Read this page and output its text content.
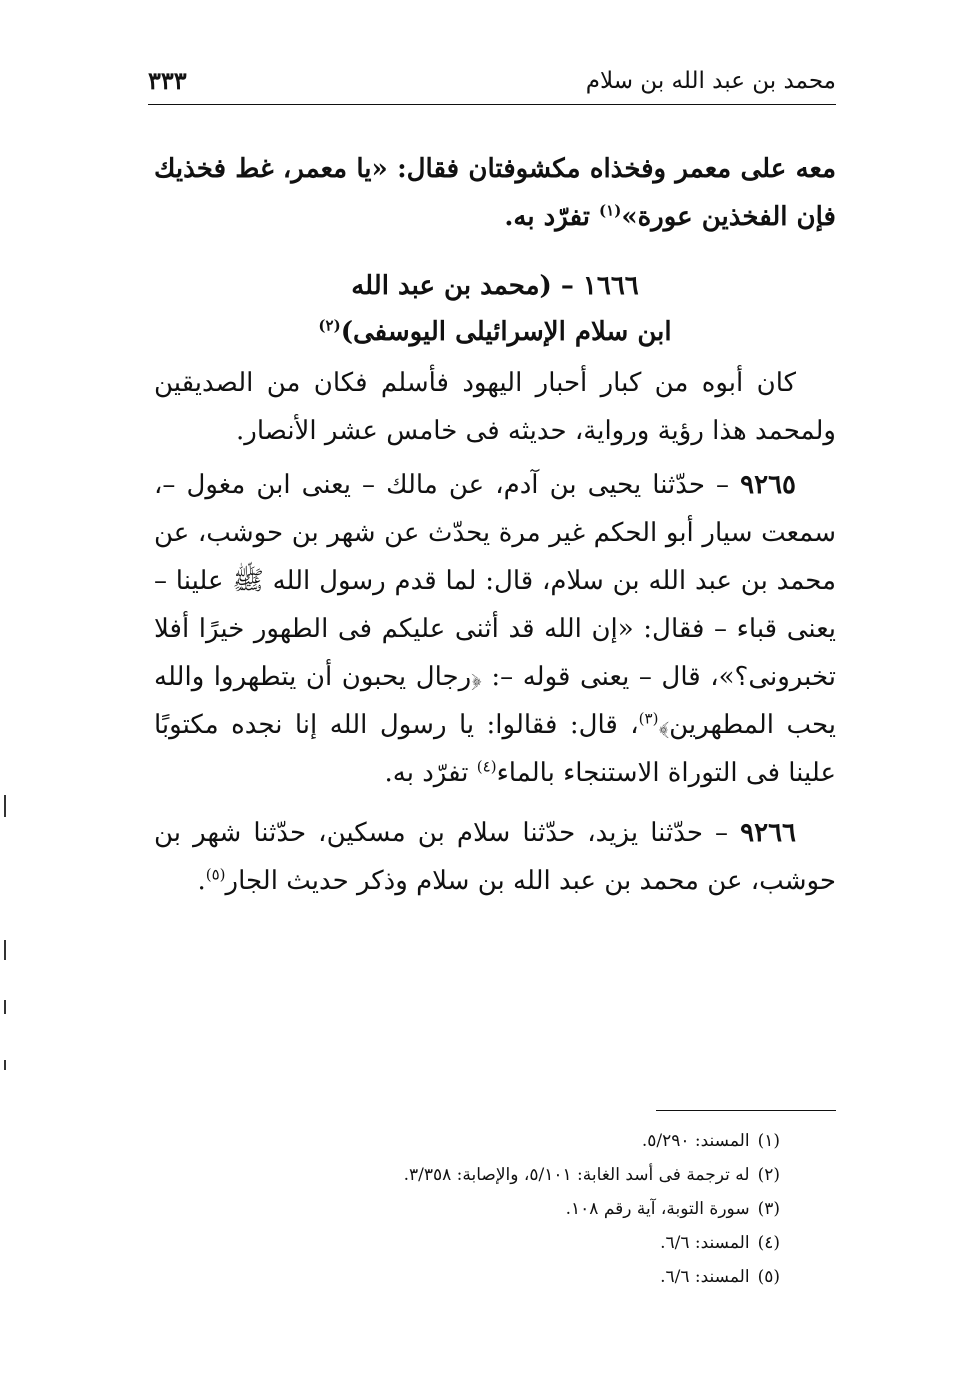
محمد بن عبد الله بن سلام
٣٣٣

معه على معمر وفخذاه مكشوفتان فقال: «يا معمر، غط فخذيك فإن الفخذين عورة»$^{(١)}$ تفرّد به.

١٦٦٦ – (محمد بن عبد الله
ابن سلام الإسرائيلى اليوسفى)$^{(٢)}$

كان أبوه من كبار أحبار اليهود فأسلم فكان من الصديقين ولمحمد هذا رؤية ورواية، حديثه فى خامس عشر الأنصار.

٩٢٦٥ – حدّثنا يحيى بن آدم، عن مالك – يعنى ابن مغول –، سمعت سيار أبو الحكم غير مرة يحدّث عن شهر بن حوشب، عن محمد بن عبد الله بن سلام، قال: لما قدم رسول الله ﷺ علينا – يعنى قباء – فقال: «إن الله قد أثنى عليكم فى الطهور خيرًا أفلا تخبرونى؟»، قال – يعنى قوله –: ﴿رجال يحبون أن يتطهروا والله يحب المطهرين﴾$^{(٣)}$، قال: فقالوا: يا رسول الله إنا نجده مكتوبًا علينا فى التوراة الاستنجاء بالماء$^{(٤)}$ تفرّد به.

٩٢٦٦ – حدّثنا يزيد، حدّثنا سلام بن مسكين، حدّثنا شهر بن حوشب، عن محمد بن عبد الله بن سلام وذكر حديث الجار$^{(٥)}$.

(١)المسند: ٥/٢٩٠.
(٢)له ترجمة فى أسد الغابة: ٥/١٠١، والإصابة: ٣/٣٥٨.
(٣)سورة التوبة، آية رقم ١٠٨.
(٤)المسند: ٦/٦.
(٥)المسند: ٦/٦.
